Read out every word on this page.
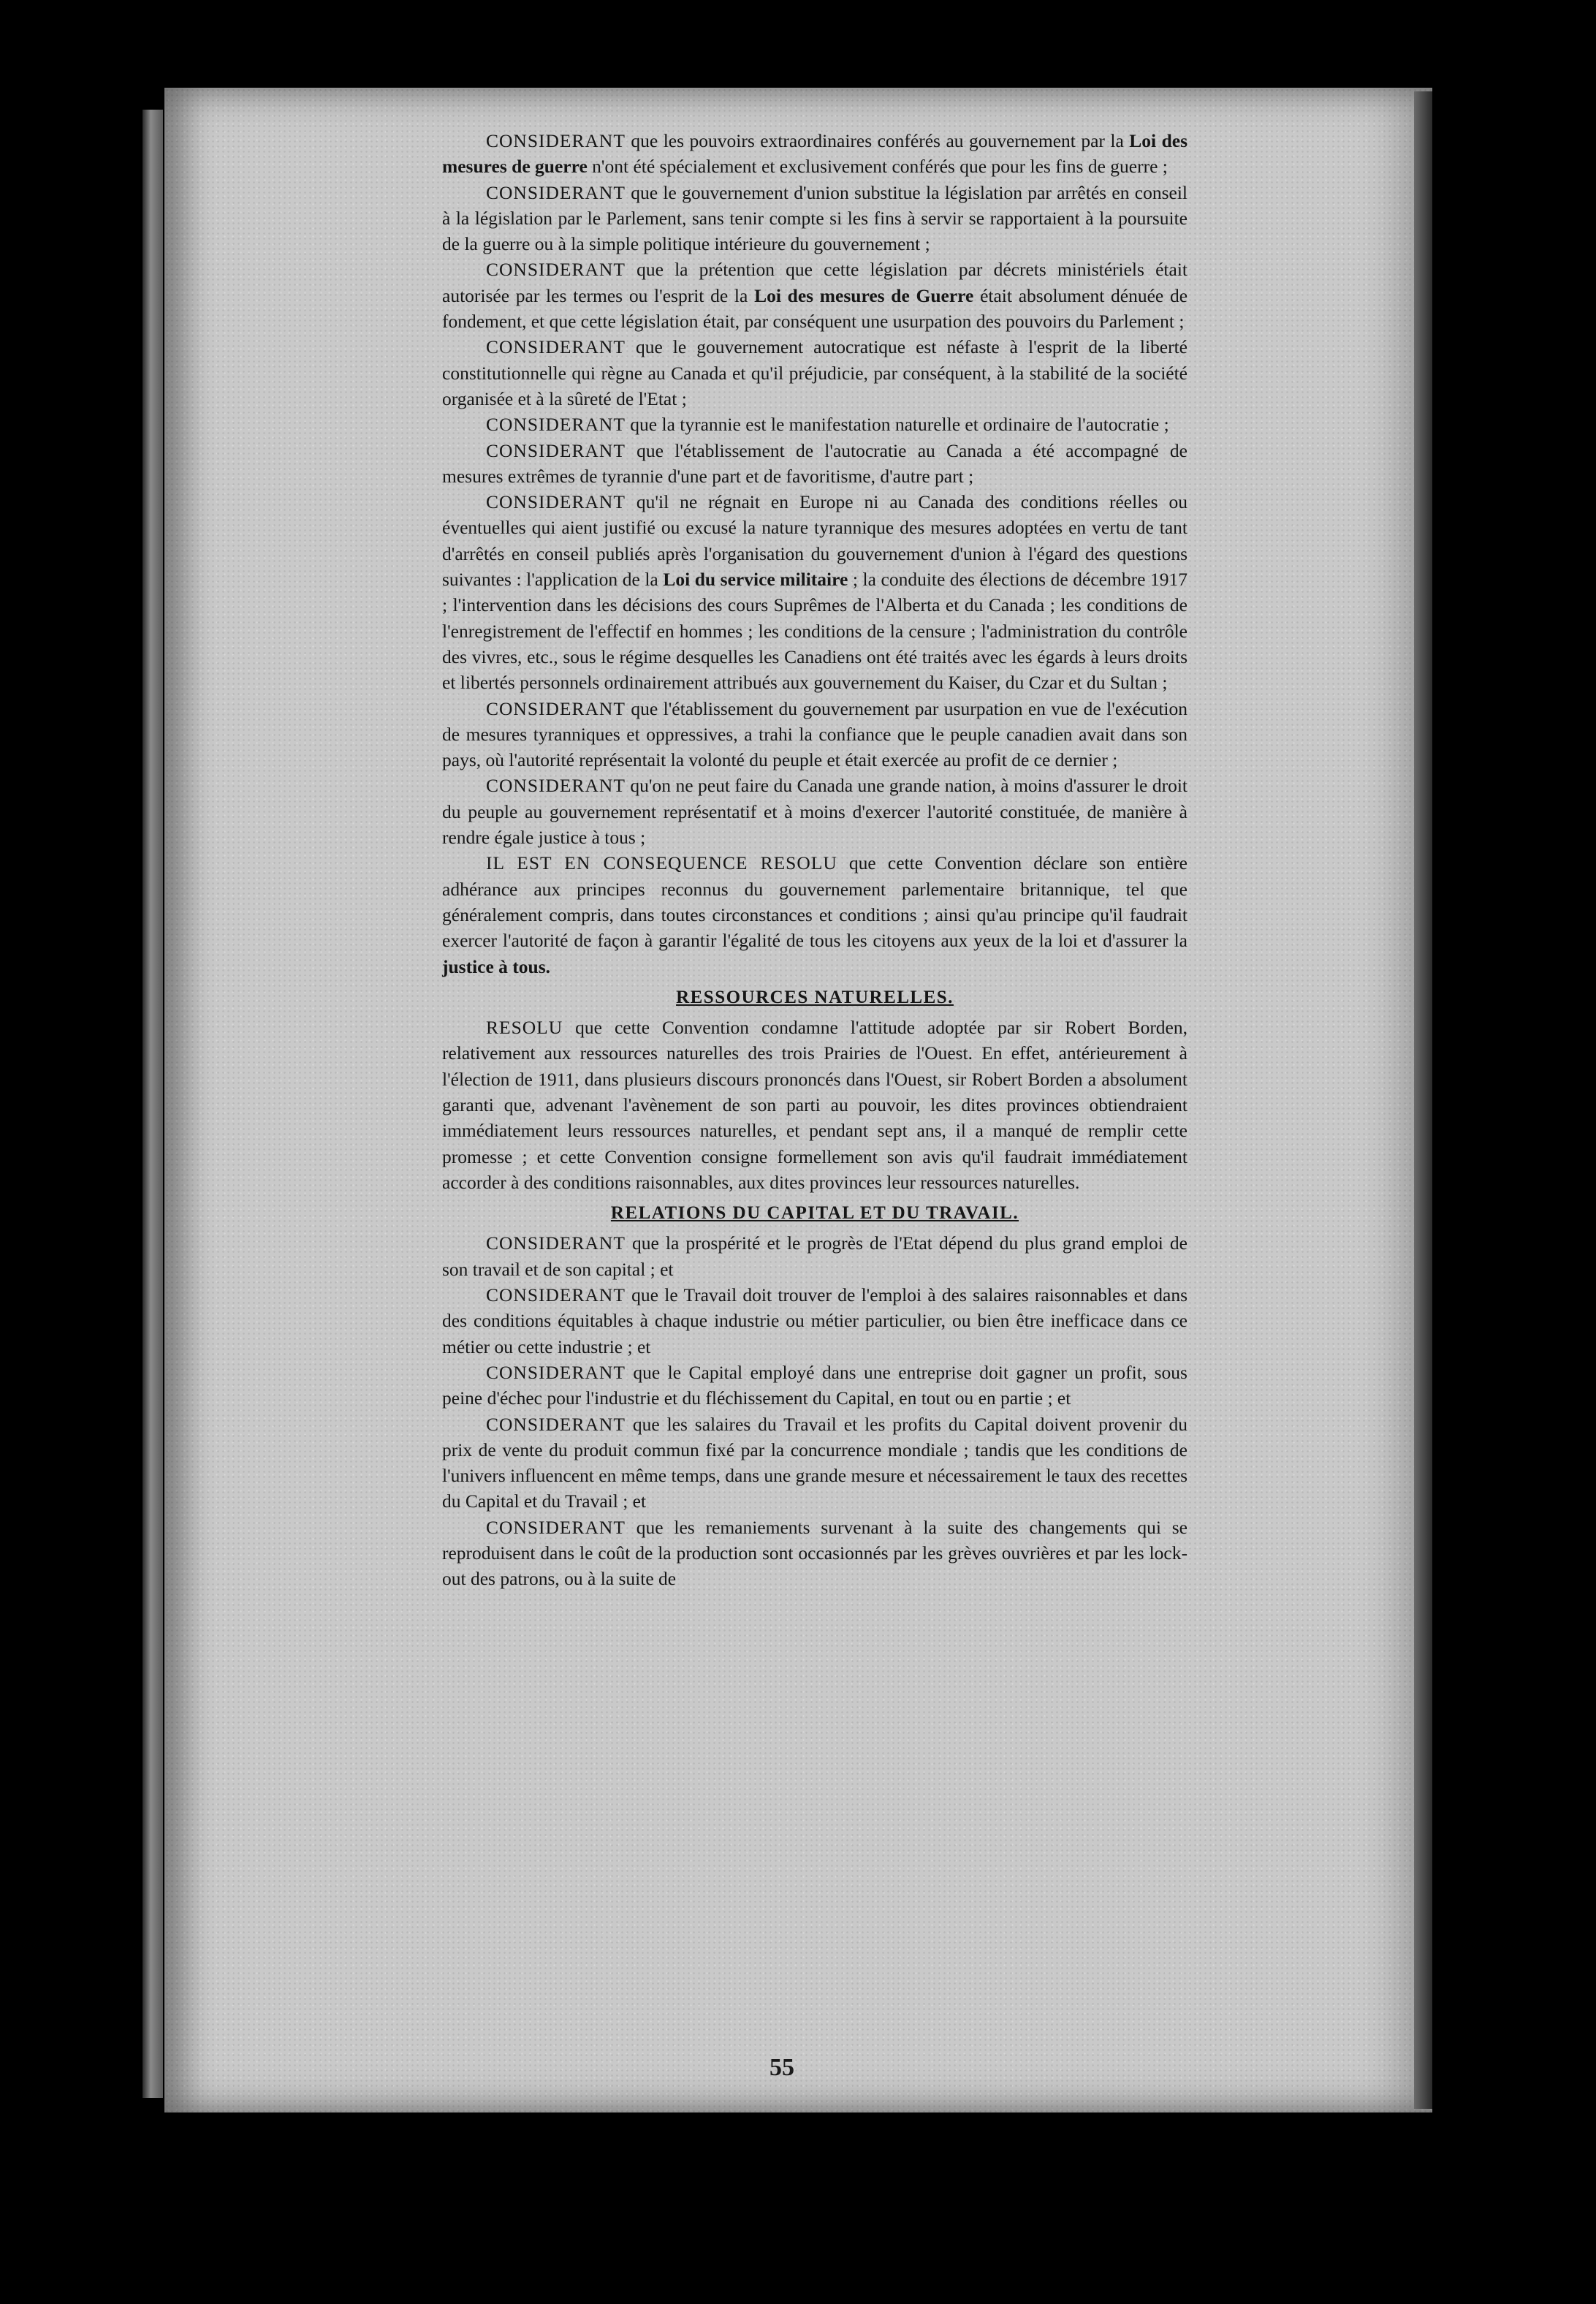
CONSIDERANT que les pouvoirs extraordinaires conférés au gouvernement par la Loi des mesures de guerre n'ont été spécialement et exclusivement conférés que pour les fins de guerre ;

CONSIDERANT que le gouvernement d'union substitue la législation par arrêtés en conseil à la législation par le Parlement, sans tenir compte si les fins à servir se rapportaient à la poursuite de la guerre ou à la simple politique intérieure du gouvernement ;

CONSIDERANT que la prétention que cette législation par décrets ministériels était autorisée par les termes ou l'esprit de la Loi des mesures de Guerre était absolument dénuée de fondement, et que cette législation était, par conséquent une usurpation des pouvoirs du Parlement ;

CONSIDERANT que le gouvernement autocratique est néfaste à l'esprit de la liberté constitutionnelle qui règne au Canada et qu'il préjudicie, par conséquent, à la stabilité de la société organisée et à la sûreté de l'Etat ;

CONSIDERANT que la tyrannie est le manifestation naturelle et ordinaire de l'autocratie ;

CONSIDERANT que l'établissement de l'autocratie au Canada a été accompagné de mesures extrêmes de tyrannie d'une part et de favoritisme, d'autre part ;

CONSIDERANT qu'il ne régnait en Europe ni au Canada des conditions réelles ou éventuelles qui aient justifié ou excusé la nature tyrannique des mesures adoptées en vertu de tant d'arrêtés en conseil publiés après l'organisation du gouvernement d'union à l'égard des questions suivantes : l'application de la Loi du service militaire ; la conduite des élections de décembre 1917 ; l'intervention dans les décisions des cours Suprêmes de l'Alberta et du Canada ; les conditions de l'enregistrement de l'effectif en hommes ; les conditions de la censure ; l'administration du contrôle des vivres, etc., sous le régime desquelles les Canadiens ont été traités avec les égards à leurs droits et libertés personnels ordinairement attribués aux gouvernement du Kaiser, du Czar et du Sultan ;

CONSIDERANT que l'établissement du gouvernement par usurpation en vue de l'exécution de mesures tyranniques et oppressives, a trahi la confiance que le peuple canadien avait dans son pays, où l'autorité représentait la volonté du peuple et était exercée au profit de ce dernier ;

CONSIDERANT qu'on ne peut faire du Canada une grande nation, à moins d'assurer le droit du peuple au gouvernement représentatif et à moins d'exercer l'autorité constituée, de manière à rendre égale justice à tous ;

IL EST EN CONSEQUENCE RESOLU que cette Convention déclare son entière adhérance aux principes reconnus du gouvernement parlementaire britannique, tel que généralement compris, dans toutes circonstances et conditions ; ainsi qu'au principe qu'il faudrait exercer l'autorité de façon à garantir l'égalité de tous les citoyens aux yeux de la loi et d'assurer la justice à tous.

RESSOURCES NATURELLES.

RESOLU que cette Convention condamne l'attitude adoptée par sir Robert Borden, relativement aux ressources naturelles des trois Prairies de l'Ouest. En effet, antérieurement à l'élection de 1911, dans plusieurs discours prononcés dans l'Ouest, sir Robert Borden a absolument garanti que, advenant l'avènement de son parti au pouvoir, les dites provinces obtiendraient immédiatement leurs ressources naturelles, et pendant sept ans, il a manqué de remplir cette promesse ; et cette Convention consigne formellement son avis qu'il faudrait immédiatement accorder à des conditions raisonnables, aux dites provinces leur ressources naturelles.

RELATIONS DU CAPITAL ET DU TRAVAIL.

CONSIDERANT que la prospérité et le progrès de l'Etat dépend du plus grand emploi de son travail et de son capital ; et

CONSIDERANT que le Travail doit trouver de l'emploi à des salaires raisonnables et dans des conditions équitables à chaque industrie ou métier particulier, ou bien être inefficace dans ce métier ou cette industrie ; et

CONSIDERANT que le Capital employé dans une entreprise doit gagner un profit, sous peine d'échec pour l'industrie et du fléchissement du Capital, en tout ou en partie ; et

CONSIDERANT que les salaires du Travail et les profits du Capital doivent provenir du prix de vente du produit commun fixé par la concurrence mondiale ; tandis que les conditions de l'univers influencent en même temps, dans une grande mesure et nécessairement le taux des recettes du Capital et du Travail ; et

CONSIDERANT que les remaniements survenant à la suite des changements qui se reproduisent dans le coût de la production sont occasionnés par les grèves ouvrières et par les lock-out des patrons, ou à la suite de

55
